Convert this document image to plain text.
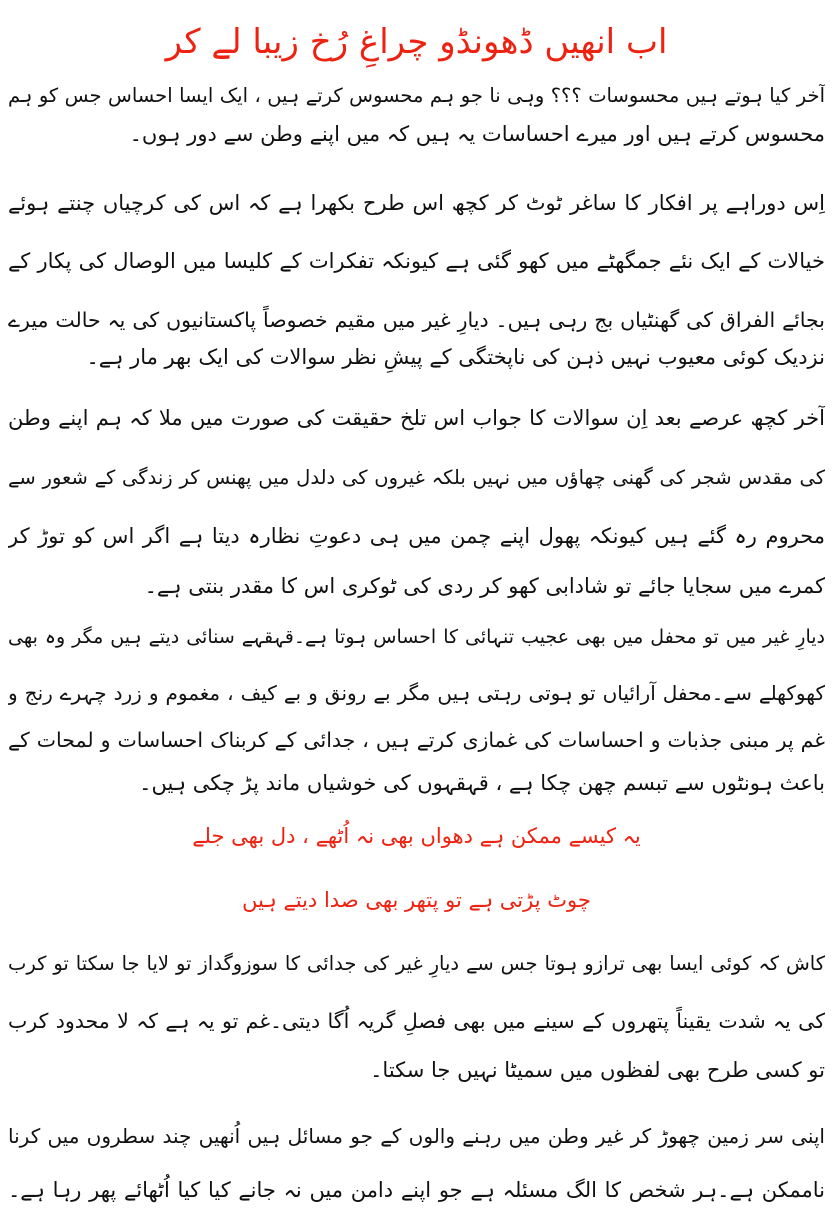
اب انھیں ڈھونڈو چراغِ رُخ زیبا لے کر
آخر کیا ہوتے ہیں محسوسات ؟؟؟ وہی نا جو ہم محسوس کرتے ہیں ، ایک ایسا احساس جس کو ہم
محسوس کرتے ہیں اور میرے احساسات یہ ہیں کہ میں اپنے وطن سے دور ہوں۔
اِس دوراہے پر افکار کا ساغر ٹوٹ کر کچھ اس طرح بکھرا ہے کہ اس کی کرچیاں چنتے ہوئے
خیالات کے ایک نئے جمگھٹے میں کھو گئی ہے کیونکہ تفکرات کے کلیسا میں الوصال کی پکار کے
بجائے الفراق کی گھنٹیاں بج رہی ہیں۔ دیارِ غیر میں مقیم خصوصاً پاکستانیوں کی یہ حالت میرے
نزدیک کوئی معیوب نہیں ذہن کی ناپختگی کے پیشِ نظر سوالات کی ایک بھر مار ہے۔
آخر کچھ عرصے بعد اِن سوالات کا جواب اس تلخ حقیقت کی صورت میں ملا کہ ہم اپنے وطن
کی مقدس شجر کی گھنی چھاؤں میں نہیں بلکہ غیروں کی دلدل میں پھنس کر زندگی کے شعور سے
محروم رہ گئے ہیں کیونکہ پھول اپنے چمن میں ہی دعوتِ نظارہ دیتا ہے اگر اس کو توڑ کر
کمرے میں سجایا جائے تو شادابی کھو کر ردی کی ٹوکری اس کا مقدر بنتی ہے۔
دیارِ غیر میں تو محفل میں بھی عجیب تنہائی کا احساس ہوتا ہے۔قہقہے سنائی دیتے ہیں مگر وہ بھی
کھوکھلے سے۔محفل آرائیاں تو ہوتی رہتی ہیں مگر بے رونق و بے کیف ، مغموم و زرد چہرے رنج و
غم پر مبنی جذبات و احساسات کی غمازی کرتے ہیں ، جدائی کے کربناک احساسات و لمحات کے
باعث ہونٹوں سے تبسم چھن چکا ہے ، قہقہوں کی خوشیاں ماند پڑ چکی ہیں۔
یہ کیسے ممکن ہے دھواں بھی نہ اُٹھے ، دل بھی جلے
چوٹ پڑتی ہے تو پتھر بھی صدا دیتے ہیں
کاش کہ کوئی ایسا بھی ترازو ہوتا جس سے دیارِ غیر کی جدائی کا سوزوگداز تو لایا جا سکتا تو کرب
کی یہ شدت یقیناً پتھروں کے سینے میں بھی فصلِ گریہ اُگا دیتی۔غم تو یہ ہے کہ لا محدود کرب
تو کسی طرح بھی لفظوں میں سمیٹا نہیں جا سکتا۔
اپنی سر زمین چھوڑ کر غیر وطن میں رہنے والوں کے جو مسائل ہیں اُنھیں چند سطروں میں کرنا
ناممکن ہے۔ہر شخص کا الگ مسئلہ ہے جو اپنے دامن میں نہ جانے کیا کیا اُٹھائے پھر رہا ہے۔
